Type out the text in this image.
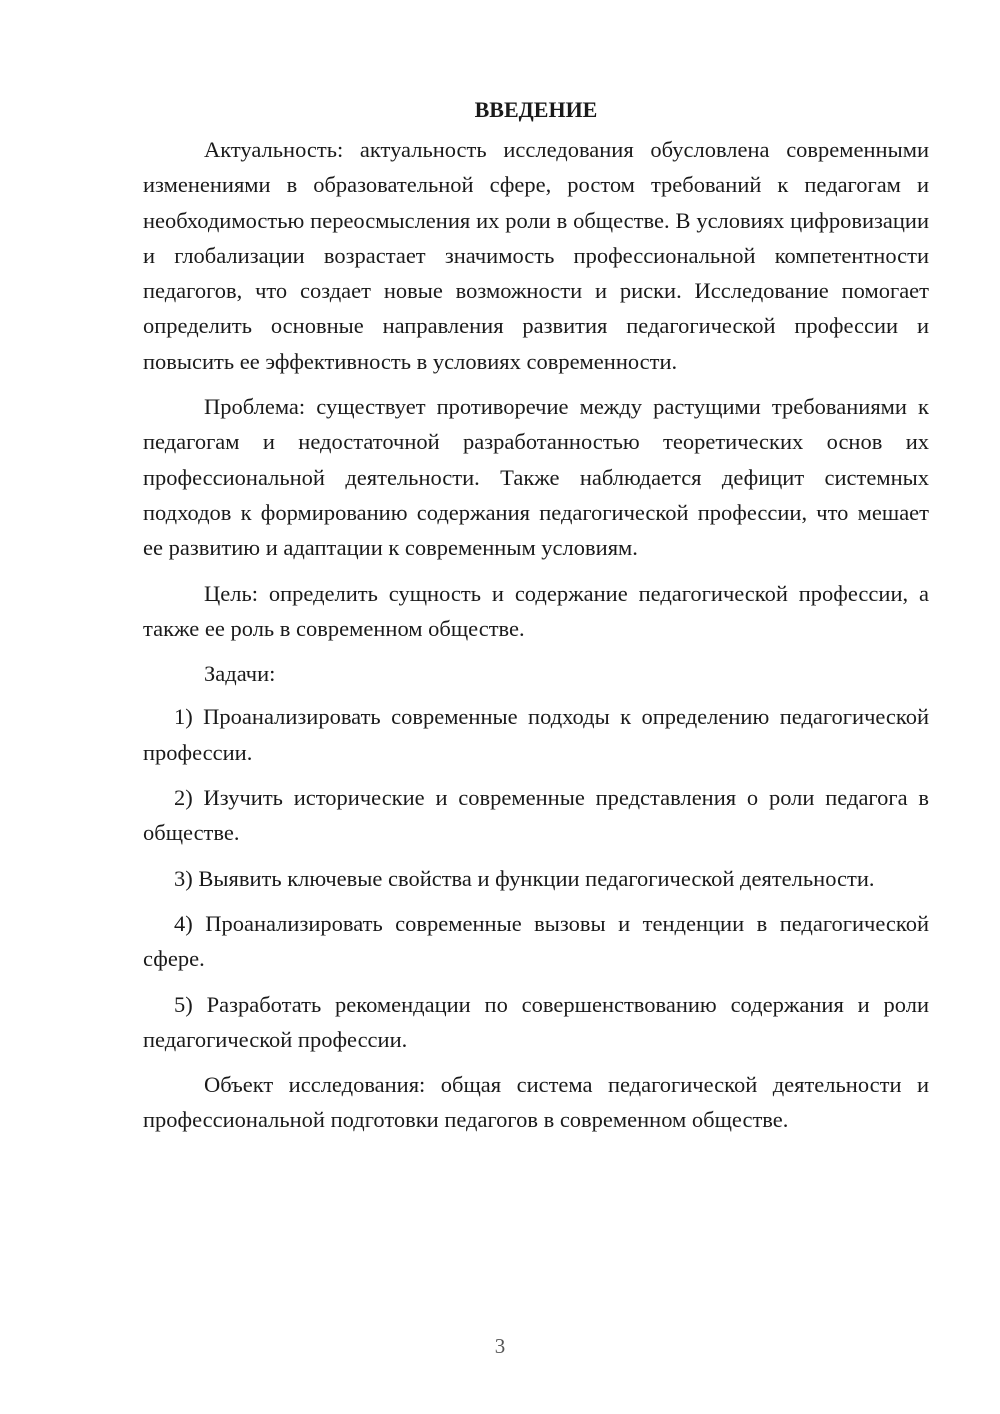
ВВЕДЕНИЕ

Актуальность: актуальность исследования обусловлена современными изменениями в образовательной сфере, ростом требований к педагогам и необходимостью переосмысления их роли в обществе. В условиях цифровизации и глобализации возрастает значимость профессиональной компетентности педагогов, что создает новые возможности и риски. Исследование помогает определить основные направления развития педагогической профессии и повысить ее эффективность в условиях современности.

Проблема: существует противоречие между растущими требованиями к педагогам и недостаточной разработанностью теоретических основ их профессиональной деятельности. Также наблюдается дефицит системных подходов к формированию содержания педагогической профессии, что мешает ее развитию и адаптации к современным условиям.

Цель: определить сущность и содержание педагогической профессии, а также ее роль в современном обществе.

Задачи:

1) Проанализировать современные подходы к определению педагогической профессии.

2) Изучить исторические и современные представления о роли педагога в обществе.

3) Выявить ключевые свойства и функции педагогической деятельности.

4) Проанализировать современные вызовы и тенденции в педагогической сфере.

5) Разработать рекомендации по совершенствованию содержания и роли педагогической профессии.

Объект исследования: общая система педагогической деятельности и профессиональной подготовки педагогов в современном обществе.

3
